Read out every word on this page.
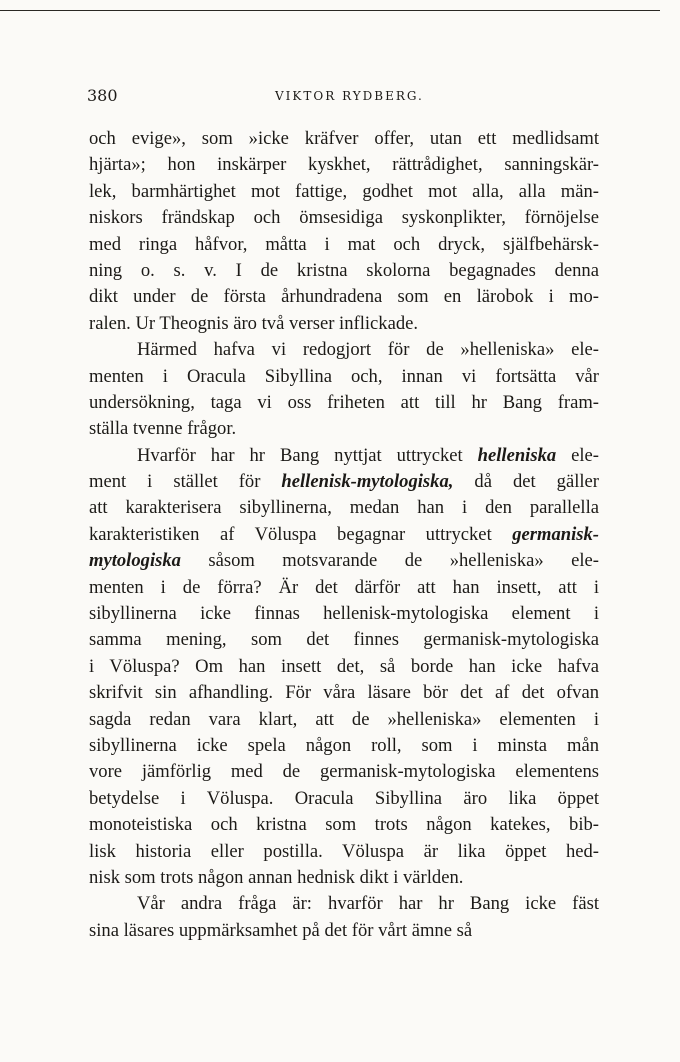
380	VIKTOR RYDBERG.
och evige», som »icke kräfver offer, utan ett medlidsamt
hjärta»; hon inskärper kyskhet, rättrådighet, sanningskär-
lek, barmhärtighet mot fattige, godhet mot alla, alla män-
niskors frändskap och ömsesidiga syskonplikter, förnöjelse
med ringa håfvor, måtta i mat och dryck, själfbehärsk-
ning o. s. v. I de kristna skolorna begagnades denna
dikt under de första århundradena som en lärobok i mo-
ralen. Ur Theognis äro två verser inflickade.
Härmed hafva vi redogjort för de »helleniska» ele-
menten i Oracula Sibyllina och, innan vi fortsätta vår
undersökning, taga vi oss friheten att till hr Bang fram-
ställa tvenne frågor.
Hvarför har hr Bang nyttjat uttrycket helleniska ele-
ment i stället för hellenisk-mytologiska, då det gäller
att karakterisera sibyllinerna, medan han i den parallella
karakteristiken af Völuspa begagnar uttrycket germanisk-
mytologiska såsom motsvarande de »helleniska» ele-
menten i de förra? Är det därför att han insett, att i
sibyllinerna icke finnas hellenisk-mytologiska element i
samma mening, som det finnes germanisk-mytologiska
i Völuspa? Om han insett det, så borde han icke hafva
skrifvit sin afhandling. För våra läsare bör det af det ofvan
sagda redan vara klart, att de »helleniska» elementen i
sibyllinerna icke spela någon roll, som i minsta mån
vore jämförlig med de germanisk-mytologiska elementens
betydelse i Völuspa. Oracula Sibyllina äro lika öppet
monoteistiska och kristna som trots någon katekes, bib-
lisk historia eller postilla. Völuspa är lika öppet hed-
nisk som trots någon annan hednisk dikt i världen.
Vår andra fråga är: hvarför har hr Bang icke fäst
sina läsares uppmärksamhet på det för vårt ämne så
